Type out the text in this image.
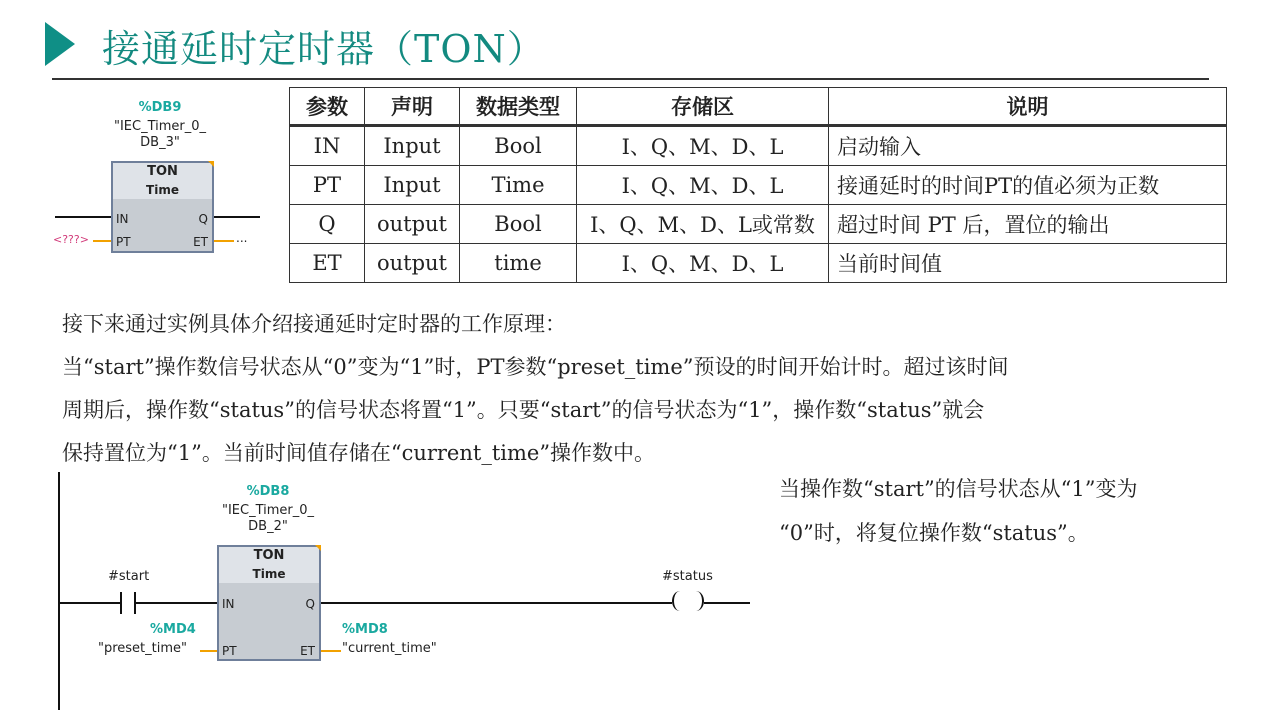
接通延时定时器（TON）
%DB9
"IEC_Timer_0_
DB_3"
TON
Time
IN	Q
PT	ET
<???>	...
参数	声明	数据类型	存储区	说明
IN	Input	Bool	I、Q、M、D、L	启动输入
PT	Input	Time	I、Q、M、D、L	接通延时的时间PT的值必须为正数
Q	output	Bool	I、Q、M、D、L或常数	超过时间 PT 后，置位的输出
ET	output	time	I、Q、M、D、L	当前时间值
接下来通过实例具体介绍接通延时定时器的工作原理：
当“start”操作数信号状态从“0”变为“1”时，PT参数“preset_time”预设的时间开始计时。超过该时间
周期后，操作数“status”的信号状态将置“1”。只要“start”的信号状态为“1”，操作数“status”就会
保持置位为“1”。当前时间值存储在“current_time”操作数中。
当操作数“start”的信号状态从“1”变为
“0”时，将复位操作数“status”。
#start	#status
%DB8
"IEC_Timer_0_
DB_2"
TON
Time
IN	Q
PT	ET
%MD4
"preset_time"
%MD8
"current_time"
